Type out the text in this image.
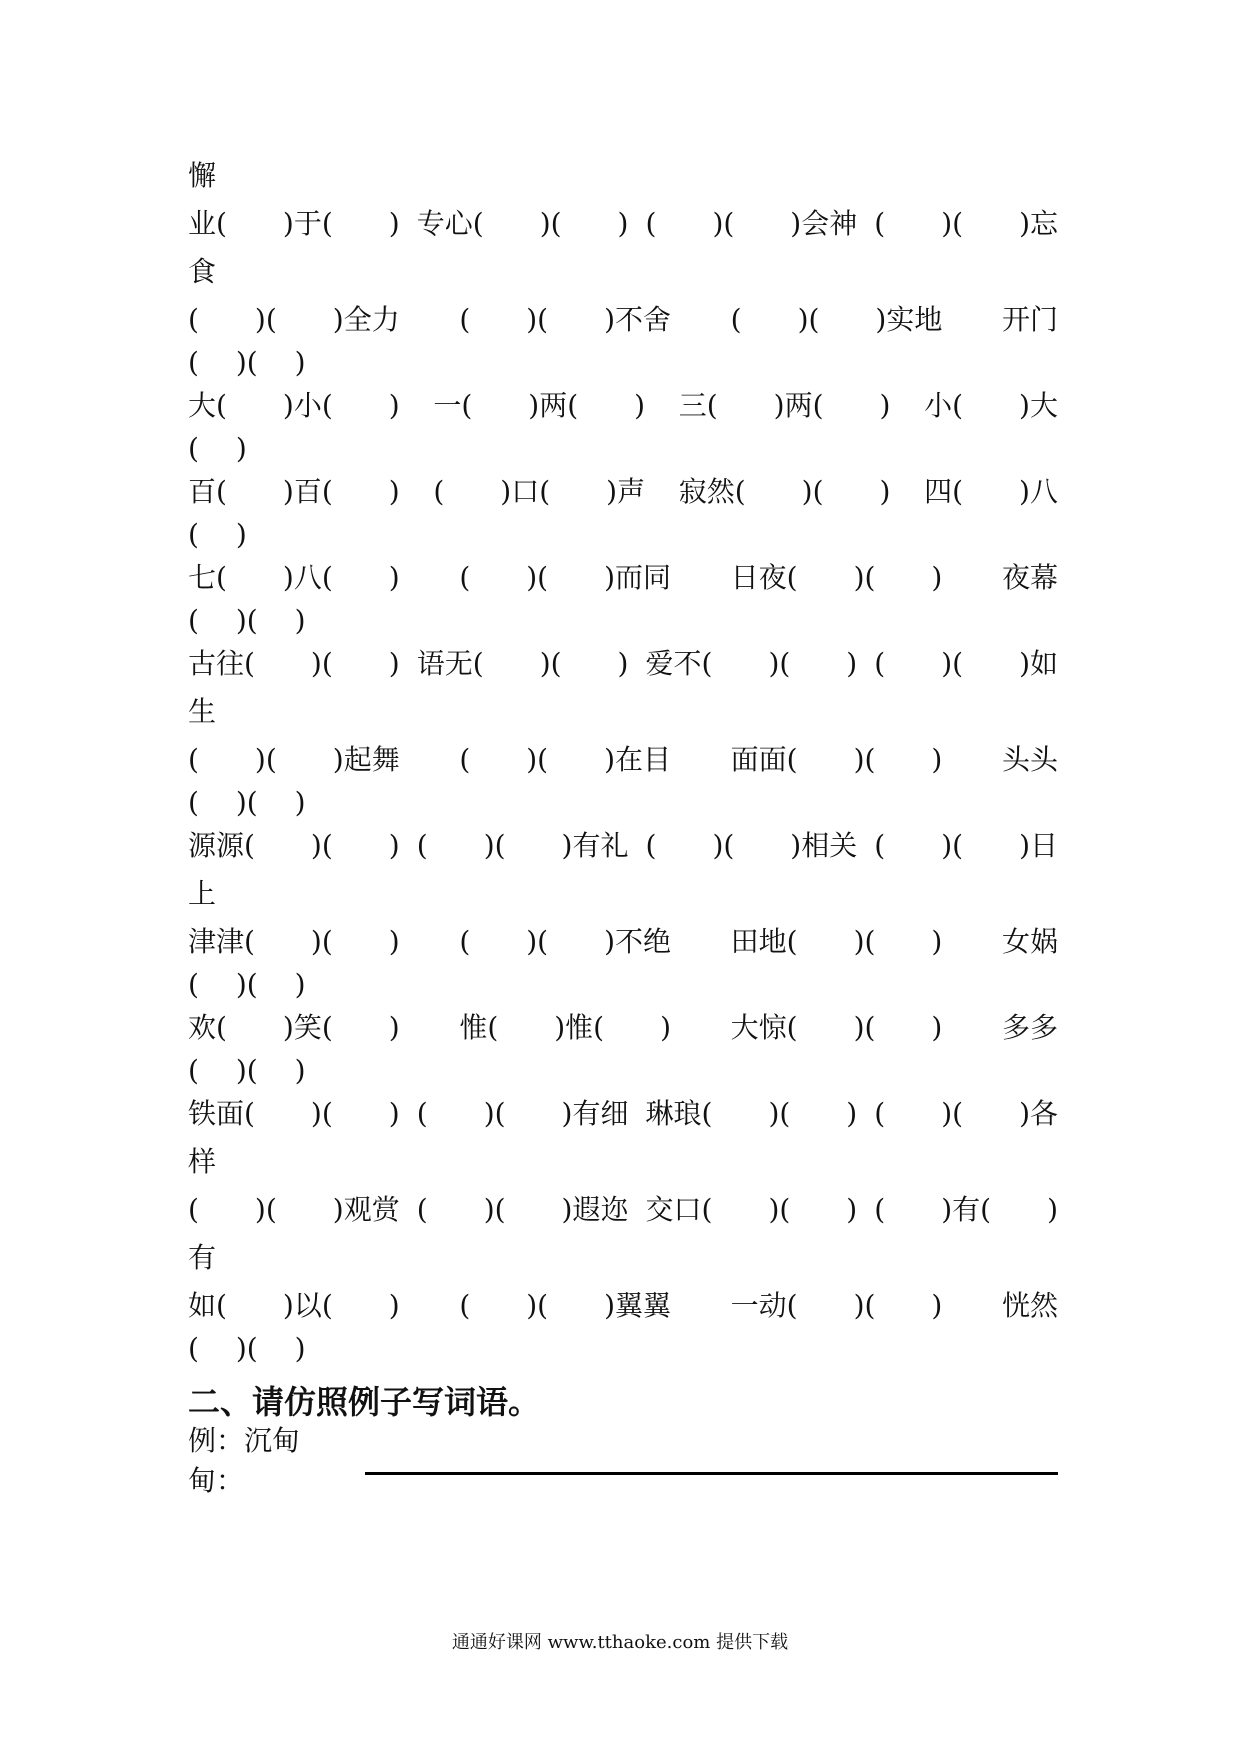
懈
业(　　)于(　　) 专心(　　)(　　) (　　)(　　)会神 (　　)(　　)忘
食
(　　)(　　)全力 (　　)(　　)不舍 (　　)(　　)实地 开门
(　 )(　 )
大(　　)小(　　) 一(　　)两(　　) 三(　　)两(　　) 小(　　)大
(　 )
百(　　)百(　　) (　　)口(　　)声 寂然(　　)(　　) 四(　　)八
(　 )
七(　　)八(　　) (　　)(　　)而同 日夜(　　)(　　) 夜幕
(　 )(　 )
古往(　　)(　　) 语无(　　)(　　) 爱不(　　)(　　) (　　)(　　)如
生
(　　)(　　)起舞 (　　)(　　)在目 面面(　　)(　　) 头头
(　 )(　 )
源源(　　)(　　) (　　)(　　)有礼 (　　)(　　)相关 (　　)(　　)日
上
津津(　　)(　　) (　　)(　　)不绝 田地(　　)(　　) 女娲
(　 )(　 )
欢(　　)笑(　　) 惟(　　)惟(　　) 大惊(　　)(　　) 多多
(　 )(　 )
铁面(　　)(　　) (　　)(　　)有细 琳琅(　　)(　　) (　　)(　　)各
样
(　　)(　　)观赏 (　　)(　　)遐迩 交口(　　)(　　) (　　)有(　　)
有
如(　　)以(　　) (　　)(　　)翼翼 一动(　　)(　　) 恍然
(　 )(　 )
二、请仿照例子写词语。
例：沉甸甸：
通通好课网 www.tthaoke.com 提供下载
